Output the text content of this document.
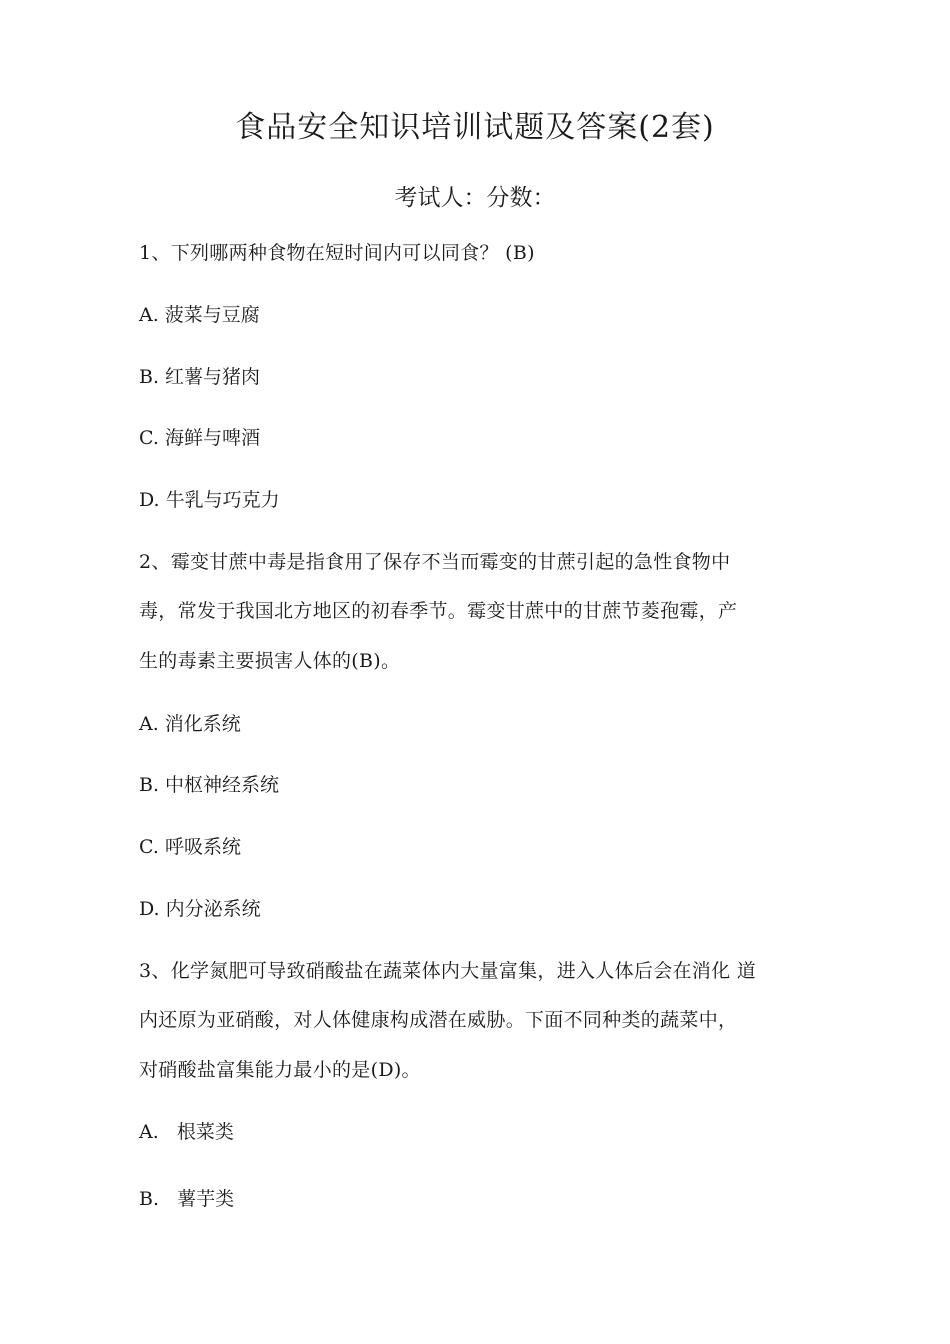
食品安全知识培训试题及答案(2套)
考试人：分数：
1、下列哪两种食物在短时间内可以同食？ (B)
A. 菠菜与豆腐
B. 红薯与猪肉
C. 海鲜与啤酒
D. 牛乳与巧克力
2、霉变甘蔗中毒是指食用了保存不当而霉变的甘蔗引起的急性食物中
毒，常发于我国北方地区的初春季节。霉变甘蔗中的甘蔗节菱孢霉，产
生的毒素主要损害人体的(B)。
A. 消化系统
B. 中枢神经系统
C. 呼吸系统
D. 内分泌系统
3、化学氮肥可导致硝酸盐在蔬菜体内大量富集，进入人体后会在消化 道
内还原为亚硝酸，对人体健康构成潜在威胁。下面不同种类的蔬菜中，
对硝酸盐富集能力最小的是(D)。
A.   根菜类
B.   薯芋类
